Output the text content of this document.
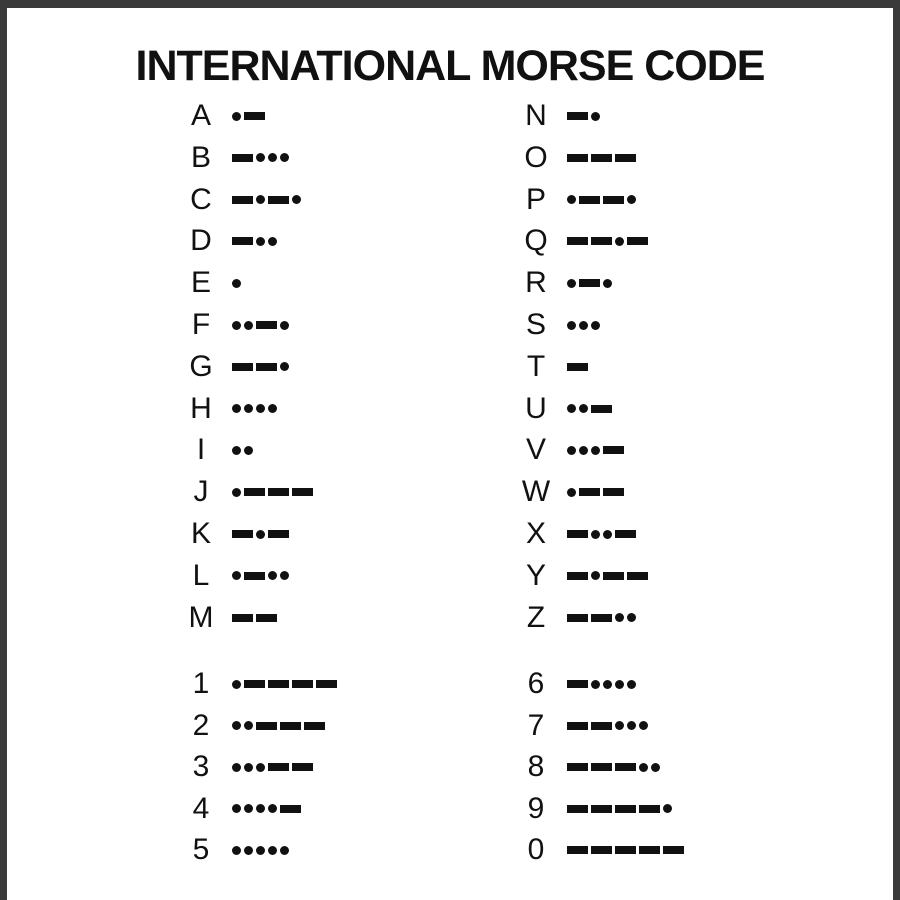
INTERNATIONAL MORSE CODE
A
B
C
D
E
F
G
H
I
J
K
L
M
1
2
3
4
5
N
O
P
Q
R
S
T
U
V
W
X
Y
Z
6
7
8
9
0
